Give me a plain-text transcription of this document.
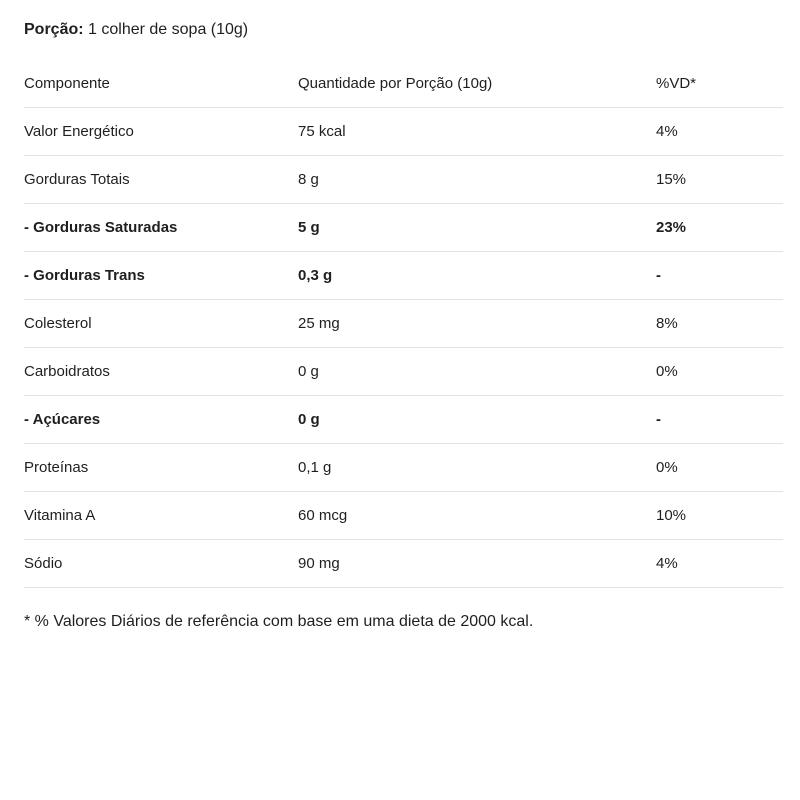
Porção: 1 colher de sopa (10g)
Componente	Quantidade por Porção (10g)	%VD*
Valor Energético	75 kcal	4%
Gorduras Totais	8 g	15%
- Gorduras Saturadas	5 g	23%
- Gorduras Trans	0,3 g	-
Colesterol	25 mg	8%
Carboidratos	0 g	0%
- Açúcares	0 g	-
Proteínas	0,1 g	0%
Vitamina A	60 mcg	10%
Sódio	90 mg	4%
* % Valores Diários de referência com base em uma dieta de 2000 kcal.
